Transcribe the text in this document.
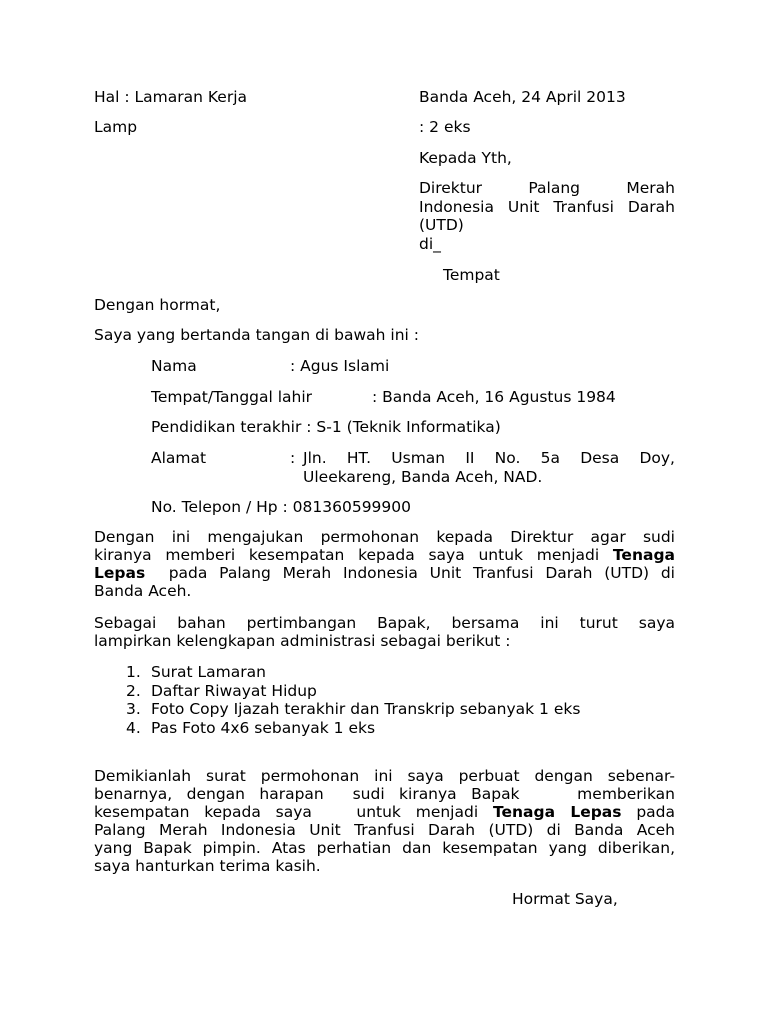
Hal : Lamaran Kerja	Banda Aceh, 24 April 2013
Lamp	: 2 eks
Kepada Yth,
Direktur	Palang	Merah
Indonesia Unit Tranfusi Darah
(UTD)
di_
Tempat
Dengan hormat,
Saya yang bertanda tangan di bawah ini :
Nama	: Agus Islami
Tempat/Tanggal lahir	: Banda Aceh, 16 Agustus 1984
Pendidikan terakhir : S-1 (Teknik Informatika)
Alamat	: Jln.  HT.  Usman  II  No.  5a  Desa  Doy,
Uleekareng, Banda Aceh, NAD.
No. Telepon / Hp : 081360599900
Dengan ini mengajukan permohonan kepada Direktur agar sudi
kiranya memberi kesempatan kepada saya untuk menjadi Tenaga
Lepas  pada Palang Merah Indonesia Unit Tranfusi Darah (UTD) di
Banda Aceh.
Sebagai bahan pertimbangan Bapak, bersama ini turut saya
lampirkan kelengkapan administrasi sebagai berikut :
1. Surat Lamaran
2. Daftar Riwayat Hidup
3. Foto Copy Ijazah terakhir dan Transkrip sebanyak 1 eks
4. Pas Foto 4x6 sebanyak 1 eks
Demikianlah surat permohonan ini saya perbuat dengan sebenar-
benarnya, dengan harapan  sudi kiranya Bapak    memberikan
kesempatan kepada saya   untuk menjadi Tenaga Lepas pada
Palang Merah Indonesia Unit Tranfusi Darah (UTD) di Banda Aceh
yang Bapak pimpin. Atas perhatian dan kesempatan yang diberikan,
saya hanturkan terima kasih.
Hormat Saya,
